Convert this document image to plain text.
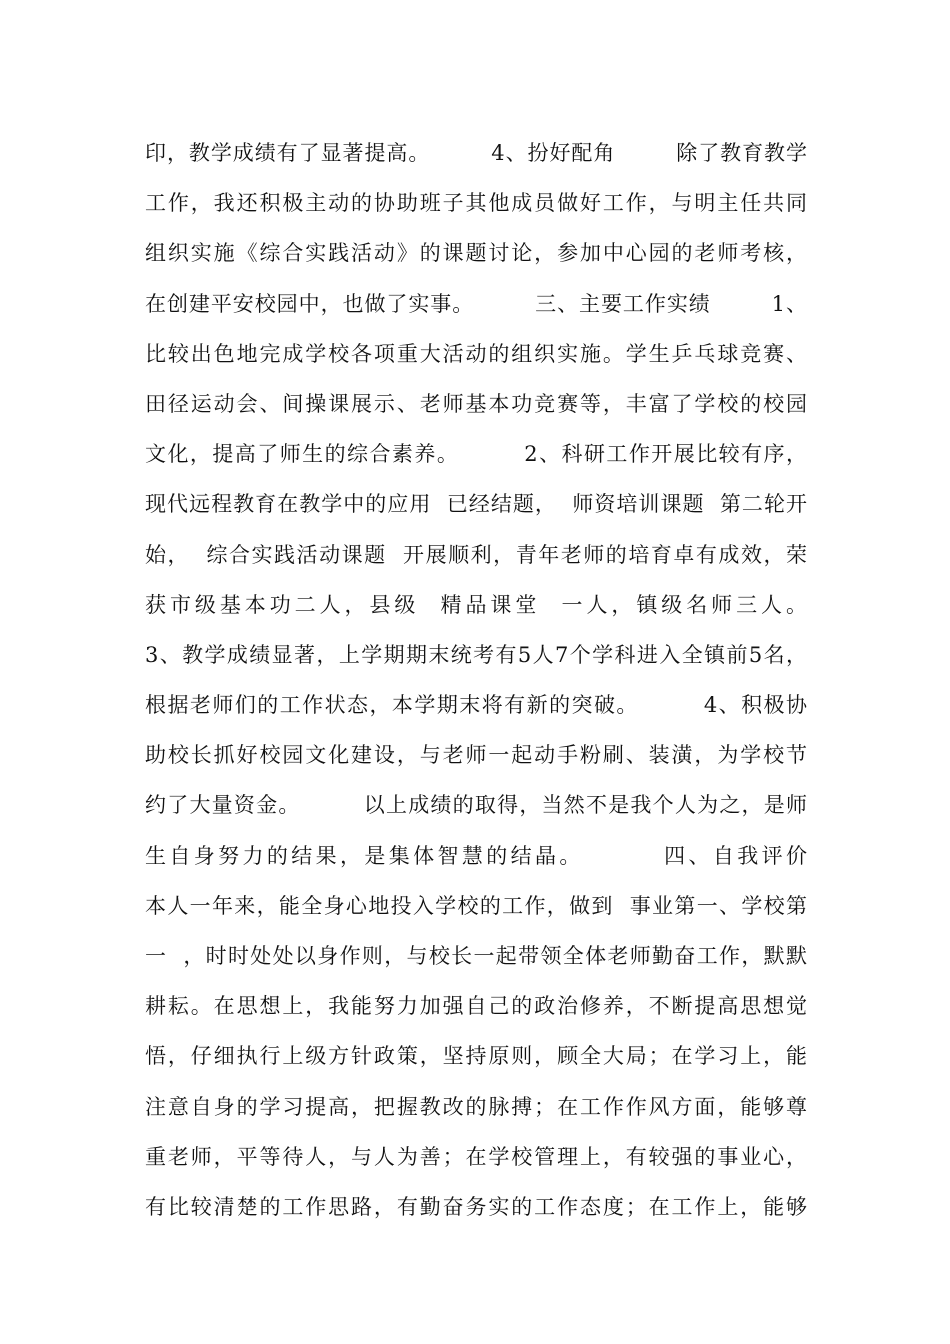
印，教学成绩有了显著提高。        4、扮好配角        除了教育教学
工作，我还积极主动的协助班子其他成员做好工作，与明主任共同
组织实施《综合实践活动》的课题讨论，参加中心园的老师考核，
在创建平安校园中，也做了实事。        三、主要工作实绩        1、
比较出色地完成学校各项重大活动的组织实施。学生乒乓球竞赛、
田径运动会、间操课展示、老师基本功竞赛等，丰富了学校的校园
文化，提高了师生的综合素养。        2、科研工作开展比较有序，
现代远程教育在教学中的应用  已经结题，  师资培训课题  第二轮开
始，  综合实践活动课题  开展顺利，青年老师的培育卓有成效，荣
获市级基本功二人，县级  精品课堂  一人，镇级名师三人。
3、教学成绩显著，上学期期末统考有5人7个学科进入全镇前5名，
根据老师们的工作状态，本学期末将有新的突破。        4、积极协
助校长抓好校园文化建设，与老师一起动手粉刷、装潢，为学校节
约了大量资金。        以上成绩的取得，当然不是我个人为之，是师
生自身努力的结果，是集体智慧的结晶。        四、自我评价
本人一年来，能全身心地投入学校的工作，做到  事业第一、学校第
一  ，时时处处以身作则，与校长一起带领全体老师勤奋工作，默默
耕耘。在思想上，我能努力加强自己的政治修养，不断提高思想觉
悟，仔细执行上级方针政策，坚持原则，顾全大局；在学习上，能
注意自身的学习提高，把握教改的脉搏；在工作作风方面，能够尊
重老师，平等待人，与人为善；在学校管理上，有较强的事业心，
有比较清楚的工作思路，有勤奋务实的工作态度；在工作上，能够
